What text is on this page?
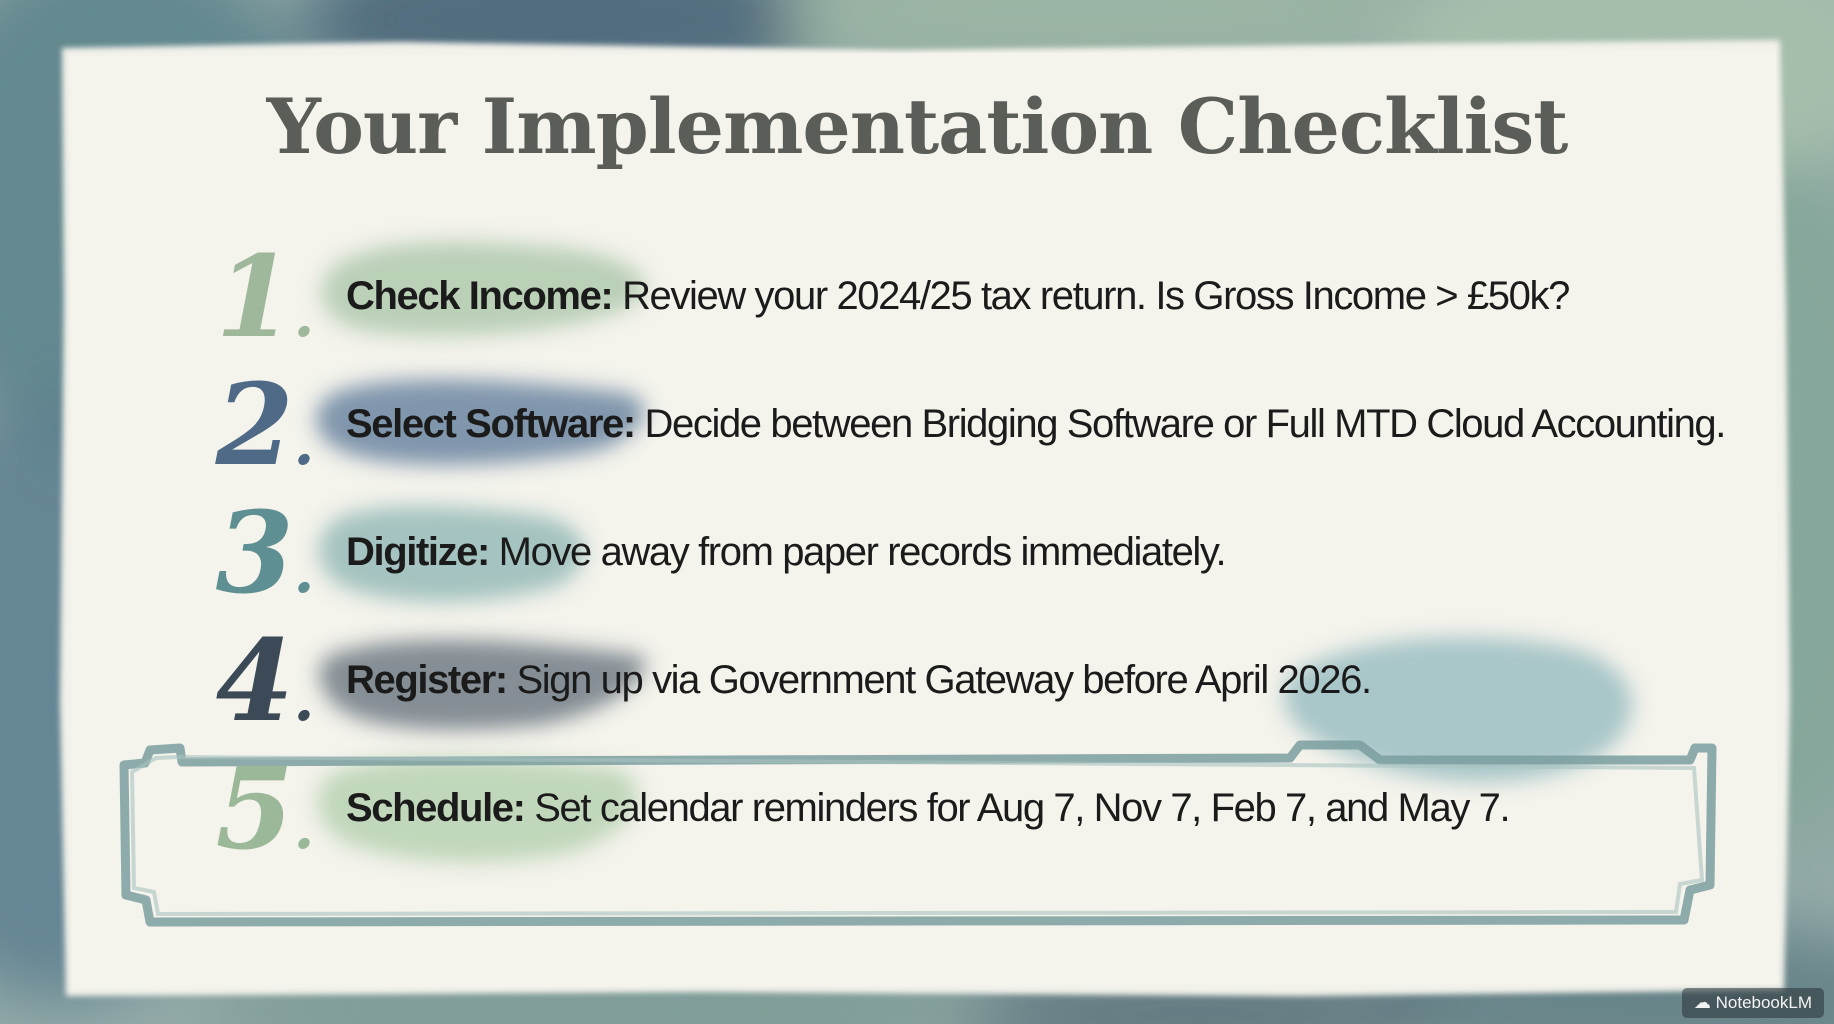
Your Implementation Checklist
1. Check Income: Review your 2024/25 tax return. Is Gross Income > £50k?
2. Select Software: Decide between Bridging Software or Full MTD Cloud Accounting.
3. Digitize: Move away from paper records immediately.
4. Register: Sign up via Government Gateway before April 2026.
5. Schedule: Set calendar reminders for Aug 7, Nov 7, Feb 7, and May 7.
☁ NotebookLM
